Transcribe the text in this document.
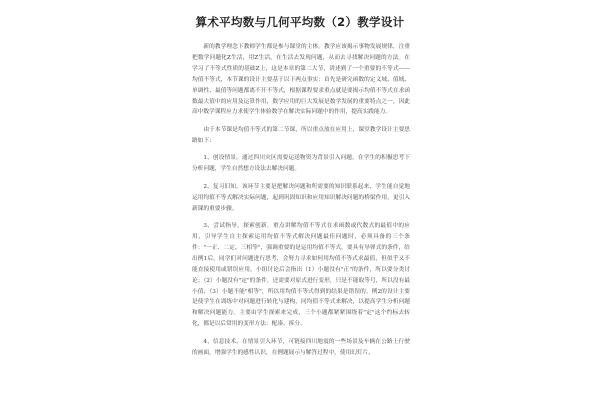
算术平均数与几何平均数（2）教学设计

新的教学理念下教师学生都是参与课堂的主体。教学应该揭示事物发展规律，注重把数学问题化Z生活，用Z生活，在生活去发现问题，从而去寻找解决问题的方法。在学习了不等式性质的基础Z上，这是本章的第二大节，讲述到了一个重要的不等式——均值不等式，本节课的设计主要基于以下两点事实：首先是研究函数的定义域、值域、单调性、最值等问题都离不开不等式，根据课程要求重点就是要揭示均值不等式在求函数最大值中的应用及运算作用，数学应用的巨大发展是数学发展的重要特点之一，因此高中数学课程应力求使学生体验数学在解决实际问题中的作用，提高实践能力。

由于本节课是均值不等式的第二节课，所以重点放在应用上，课堂教学设计主要思路如下：

1、创设情景。通过四川灾区需要运送物资为背景引入问题，在学生的积极思考下分析问题，学生自然想方设法去解决问题。

2、复习旧知。该环节主要是把解决问题和所需要的知识联系起来，学生能自觉地运用均值不等式解决实际问题，起到巩固知识和应用知识解决问题的桥梁作用，更引入新课的重要步骤。

3、尝试指导，探索创新。重点讲解均值不等式在求函数或代数式的最值中的应用，引导学生自主探索运用均值不等式解决问题最佳问题时，必须具备的三个条件："一正、二定、三相等"，强调重要的是运用均值不等式，要具有导弹式的条件，给出例1后，同学们对问题进行思考，会努力寻求如何用均值不等式求最值，但似乎又不能直接使用或错误应用，小组讨论后会指出（1）小题没有"正"的条件，所以要分类讨论；（2）小题没有"定"的条件，还需要对原式进行变形，只是不能取等号，所以没有最小值；（3）小题不能"相等"，所以用均值不等式得到的结果是错误的。例2的设计主要是使学生在训练中对问题进行转化与建构，同均值不等式来解决，以提高学生分析问题和解决问题能力。主要由学生探索来完成，三个小题都紧紧围绕着"定"这个约标去转化，都是以后常用的变形方法：配凑、拆分。

4、信息技术。在情景引入环节，可链接四川地震的一些场景及车辆在公路上行驶的画面，增强学生的感性认识，在例题展示与解答过程中，使用幻灯片，
